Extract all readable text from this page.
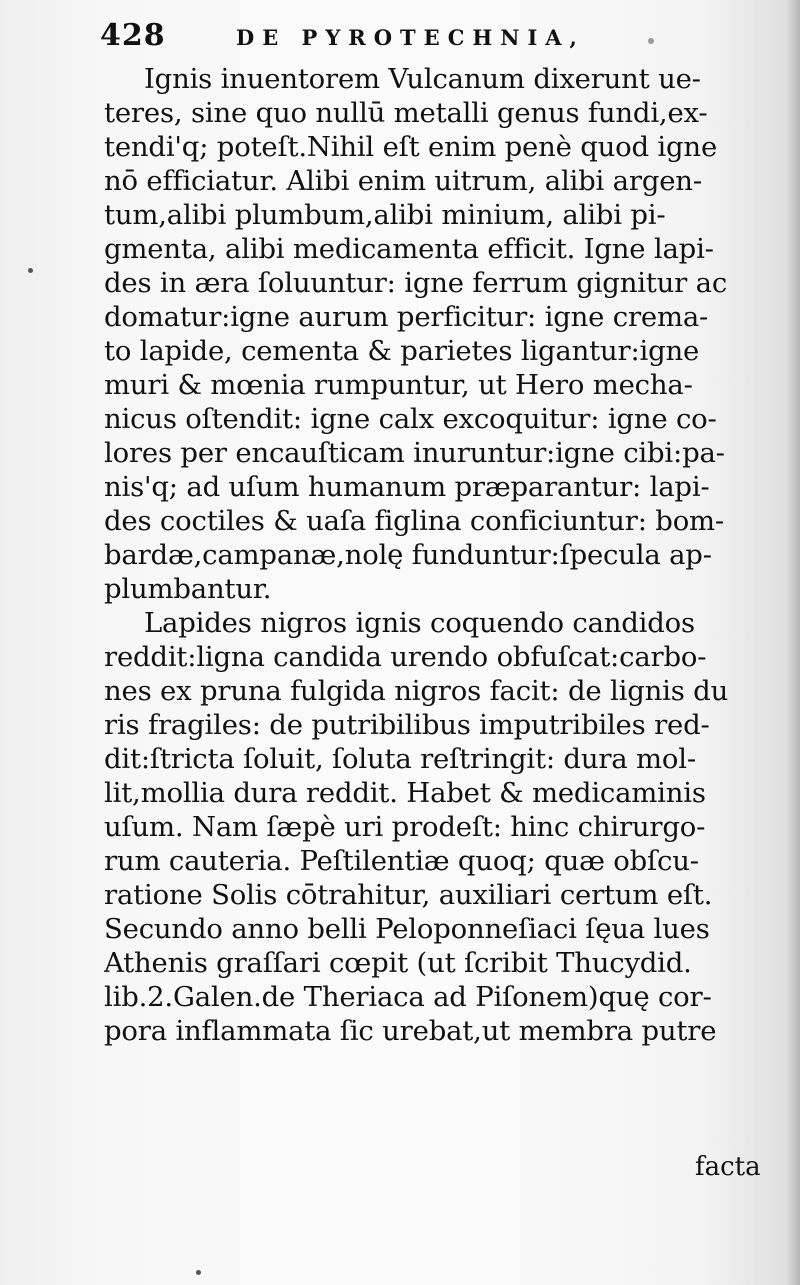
428	DE PYROTECHNIA,
Ignis inuentorem Vulcanum dixerunt ue-
teres, sine quo nullū metalli genus fundi,ex-
tendi'q; poteſt.Nihil eſt enim penè quod igne
nō efficiatur. Alibi enim uitrum, alibi argen-
tum,alibi plumbum,alibi minium, alibi pi-
gmenta, alibi medicamenta efficit. Igne lapi-
des in æra ſoluuntur: igne ferrum gignitur ac
domatur:igne aurum perficitur: igne crema-
to lapide, cementa & parietes ligantur:igne
muri & mœnia rumpuntur, ut Hero mecha-
nicus oſtendit: igne calx excoquitur: igne co-
lores per encauſticam inuruntur:igne cibi:pa-
nis'q; ad uſum humanum præparantur: lapi-
des coctiles & uaſa figlina conficiuntur: bom-
bardæ,campanæ,nolę funduntur:ſpecula ap-
plumbantur.
Lapides nigros ignis coquendo candidos
reddit:ligna candida urendo obfuſcat:carbo-
nes ex pruna fulgida nigros facit: de lignis du
ris fragiles: de putribilibus imputribiles red-
dit:ſtricta ſoluit, ſoluta reſtringit: dura mol-
lit,mollia dura reddit. Habet & medicaminis
uſum. Nam ſæpè uri prodeſt: hinc chirurgo-
rum cauteria. Peſtilentiæ quoq; quæ obſcu-
ratione Solis cōtrahitur, auxiliari certum eſt.
Secundo anno belli Peloponneſiaci ſęua lues
Athenis graſſari cœpit (ut ſcribit Thucydid.
lib.2.Galen.de Theriaca ad Piſonem)quę cor-
pora inflammata ſic urebat,ut membra putre
facta
